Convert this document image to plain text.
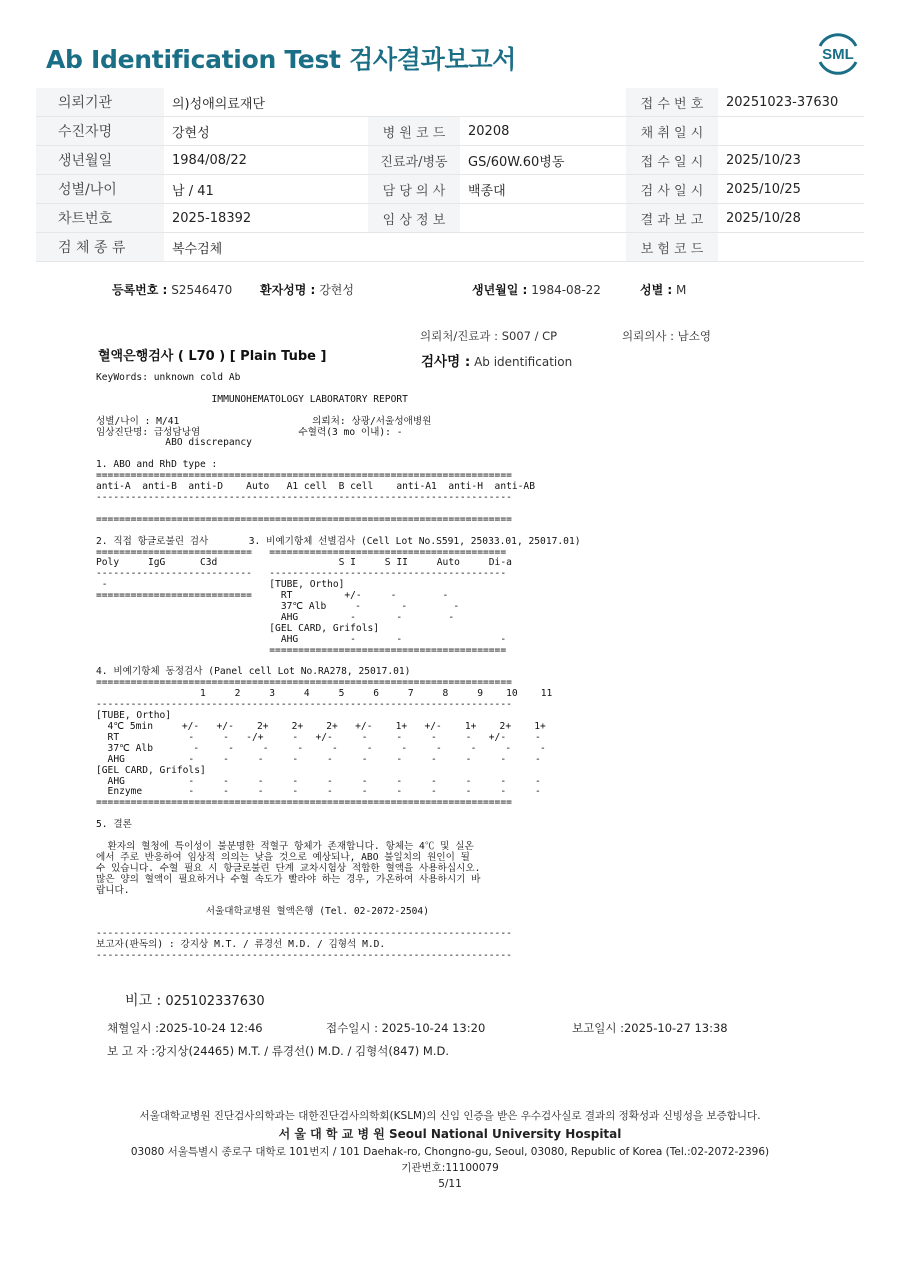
Ab Identification Test 검사결과보고서	SML
의뢰기관	의)성애의료재단			접 수 번 호	20251023-37630
수진자명	강현성	병 원 코 드	20208	채 취 일 시	
생년월일	1984/08/22	진료과/병동	GS/60W.60병동	접 수 일 시	2025/10/23
성별/나이	남 / 41	담 당 의 사	백종대	검 사 일 시	2025/10/25
차트번호	2025-18392	임 상 정 보		결 과 보 고	2025/10/28
검 체 종 류	복수검체			보 험 코 드	
등록번호 : S2546470 환자성명 : 강현성	생년월일 : 1984-08-22	성별 : M
의뢰처/진료과 : S007 / CP	의뢰의사 : 남소영
혈액은행검사 ( L70 ) [ Plain Tube ]	검사명 : Ab identification
KeyWords: unknown cold Ab

IMMUNOHEMATOLOGY LABORATORY REPORT

성별/나이 : M/41                       의뢰처: 상광/서울성애병원
임상진단명: 급성담낭염                 수혈력(3 mo 이내): -
ABO discrepancy

1. ABO and RhD type :
========================================================================
anti-A  anti-B  anti-D    Auto   A1 cell  B cell    anti-A1  anti-H  anti-AB
------------------------------------------------------------------------

========================================================================

2. 직접 항글로불린 검사       3. 비예기항체 선별검사 (Cell Lot No.S591, 25033.01, 25017.01)
===========================   =========================================
Poly     IgG      C3d                     S I     S II     Auto     Di-a
---------------------------   -----------------------------------------
-                            [TUBE, Ortho]
===========================     RT         +/-     -        -
37℃ Alb     -       -        -
AHG         -       -        -
[GEL CARD, Grifols]
AHG         -       -                 -
=========================================

4. 비예기항체 동정검사 (Panel cell Lot No.RA278, 25017.01)
========================================================================
1     2     3     4     5     6     7     8     9    10    11
------------------------------------------------------------------------
[TUBE, Ortho]
4℃ 5min     +/-   +/-    2+    2+    2+   +/-    1+   +/-    1+    2+    1+
RT            -     -   -/+     -   +/-     -     -     -     -   +/-     -
37℃ Alb       -     -     -     -     -     -     -     -     -     -     -
AHG           -     -     -     -     -     -     -     -     -     -     -
[GEL CARD, Grifols]
AHG           -     -     -     -     -     -     -     -     -     -     -
Enzyme        -     -     -     -     -     -     -     -     -     -     -
========================================================================

5. 결론

환자의 혈청에 특이성이 불분명한 적혈구 항체가 존재합니다. 항체는 4℃ 및 실온
에서 주로 반응하여 임상적 의의는 낮을 것으로 예상되나, ABO 불일치의 원인이 될
수 있습니다. 수혈 필요 시 항글로불린 단계 교차시험상 적합한 혈액을 사용하십시오.
많은 양의 혈액이 필요하거나 수혈 속도가 빨라야 하는 경우, 가온하여 사용하시기 바
랍니다.

서울대학교병원 혈액은행 (Tel. 02-2072-2504)

------------------------------------------------------------------------
보고자(판독의) : 강지상 M.T. / 류경선 M.D. / 김형석 M.D.
------------------------------------------------------------------------
비고 : 025102337630
채혈일시 :2025-10-24 12:46	접수일시 : 2025-10-24 13:20	보고일시 :2025-10-27 13:38
보 고 자 :강지상(24465) M.T. / 류경선() M.D. / 김형석(847) M.D.
서울대학교병원 진단검사의학과는 대한진단검사의학회(KSLM)의 신임 인증을 받은 우수검사실로 결과의 정확성과 신빙성을 보증합니다.
서 울 대 학 교 병 원 Seoul National University Hospital
03080 서울특별시 종로구 대학로 101번지 / 101 Daehak-ro, Chongno-gu, Seoul, 03080, Republic of Korea (Tel.:02-2072-2396)
기관번호:11100079
5/11
